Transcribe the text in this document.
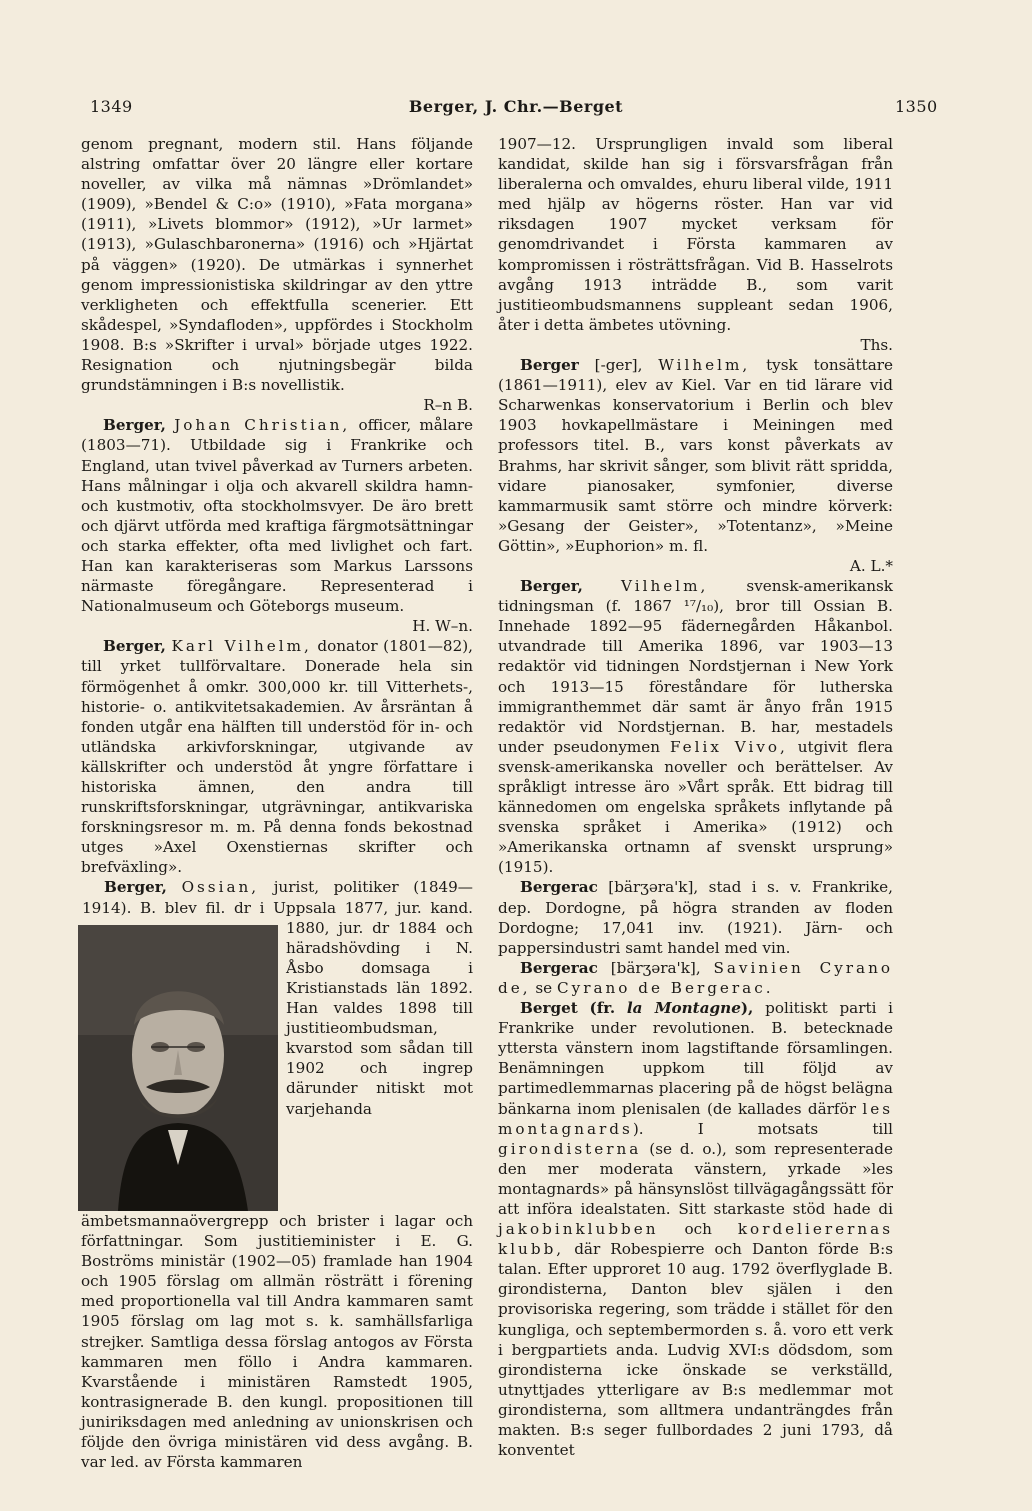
1349	Berger, J. Chr.—Berget	1350

genom pregnant, modern stil. Hans följande alstring omfattar över 20 längre eller kortare noveller, av vilka må nämnas »Drömlandet» (1909), »Bendel & C:o» (1910), »Fata morgana» (1911), »Livets blommor» (1912), »Ur larmet» (1913), »Gulaschbaronerna» (1916) och »Hjärtat på väggen» (1920). De utmärkas i synnerhet genom impressionistiska skildringar av den yttre verkligheten och effektfulla scenerier. Ett skådespel, »Syndafloden», uppfördes i Stockholm 1908. B:s »Skrifter i urval» började utges 1922. Resignation och njutningsbegär bilda grundstämningen i B:s novellistik.

R–n B.

Berger, Johan Christian, officer, målare (1803—71). Utbildade sig i Frankrike och England, utan tvivel påverkad av Turners arbeten. Hans målningar i olja och akvarell skildra hamn- och kustmotiv, ofta stockholmsvyer. De äro brett och djärvt utförda med kraftiga färgmotsättningar och starka effekter, ofta med livlighet och fart. Han kan karakteriseras som Markus Larssons närmaste föregångare. Representerad i Nationalmuseum och Göteborgs museum.

H. W–n.

Berger, Karl Vilhelm, donator (1801—82), till yrket tullförvaltare. Donerade hela sin förmögenhet å omkr. 300,000 kr. till Vitterhets-, historie- o. antikvitetsakademien. Av årsräntan å fonden utgår ena hälften till understöd för in- och utländska arkivforskningar, utgivande av källskrifter och understöd åt yngre författare i historiska ämnen, den andra till runskriftsforskningar, utgrävningar, antikvariska forskningsresor m. m. På denna fonds bekostnad utges »Axel Oxenstiernas skrifter och brefväxling».

Berger, Ossian, jurist, politiker (1849—1914). B. blev fil. dr i Uppsala 1877, jur. kand. 1880, jur. dr 1884 och häradshövding i N. Åsbo domsaga i Kristianstads län 1892. Han valdes 1898 till justitieombudsman, kvarstod som sådan till 1902 och ingrep därunder nitiskt mot varjehanda ämbetsmannaövergrepp och brister i lagar och författningar. Som justitieminister i E. G. Boströms ministär (1902—05) framlade han 1904 och 1905 förslag om allmän rösträtt i förening med proportionella val till Andra kammaren samt 1905 förslag om lag mot s. k. samhällsfarliga strejker. Samtliga dessa förslag antogos av Första kammaren men föllo i Andra kammaren. Kvarstående i ministären Ramstedt 1905, kontrasignerade B. den kungl. propositionen till juniriksdagen med anledning av unionskrisen och följde den övriga ministären vid dess avgång. B. var led. av Första kammaren

1907—12. Ursprungligen invald som liberal kandidat, skilde han sig i försvarsfrågan från liberalerna och omvaldes, ehuru liberal vilde, 1911 med hjälp av högerns röster. Han var vid riksdagen 1907 mycket verksam för genomdrivandet i Första kammaren av kompromissen i rösträttsfrågan. Vid B. Hasselrots avgång 1913 inträdde B., som varit justitieombudsmannens suppleant sedan 1906, åter i detta ämbetes utövning.

Ths.

Berger [-ger], Wilhelm, tysk tonsättare (1861—1911), elev av Kiel. Var en tid lärare vid Scharwenkas konservatorium i Berlin och blev 1903 hovkapellmästare i Meiningen med professors titel. B., vars konst påverkats av Brahms, har skrivit sånger, som blivit rätt spridda, vidare pianosaker, symfonier, diverse kammarmusik samt större och mindre körverk: »Gesang der Geister», »Totentanz», »Meine Göttin», »Euphorion» m. fl.

A. L.*

Berger,	Vilhelm,	svensk-amerikansk tidningsman (f. 1867 ¹⁷/₁₀), bror till Ossian B. Innehade 1892—95 fädernegården Håkanbol. utvandrade till Amerika 1896, var 1903—13 redaktör vid tidningen Nordstjernan i New York och 1913—15 föreståndare för lutherska immigranthemmet där samt är ånyo från 1915 redaktör vid Nordstjernan. B. har, mestadels under pseudonymen Felix Vivo, utgivit flera svensk-amerikanska noveller och berättelser. Av språkligt intresse äro »Vårt språk. Ett bidrag till kännedomen om engelska språkets inflytande på svenska språket i Amerika» (1912) och »Amerikanska ortnamn af svenskt ursprung» (1915).

Bergerac [bärʒəra'k], stad i s. v. Frankrike, dep. Dordogne, på högra stranden av floden Dordogne; 17,041 inv. (1921). Järn- och pappersindustri samt handel med vin.

Bergerac [bärʒəra'k], Savinien Cyrano de, se Cyrano de Bergerac.

Berget (fr. la Montagne), politiskt parti i Frankrike under revolutionen. B. betecknade yttersta vänstern inom lagstiftande församlingen. Benämningen uppkom till följd av partimedlemmarnas placering på de högst belägna bänkarna inom plenisalen (de kallades därför les montagnards). I motsats till girondisterna (se d. o.), som representerade den mer moderata vänstern, yrkade »les montagnards» på hänsynslöst tillvägagångssätt för att införa idealstaten. Sitt starkaste stöd hade di jakobinklubben och kordelierernas klubb, där Robespierre och Danton förde B:s talan. Efter upproret 10 aug. 1792 överflyglade B. girondisterna, Danton blev själen i den provisoriska regering, som trädde i stället för den kungliga, och septembermorden s. å. voro ett verk i bergpartiets anda. Ludvig XVI:s dödsdom, som girondisterna icke önskade se verkställd, utnyttjades ytterligare av B:s medlemmar mot girondisterna, som alltmera undanträngdes från makten. B:s seger fullbordades 2 juni 1793, då konventet
